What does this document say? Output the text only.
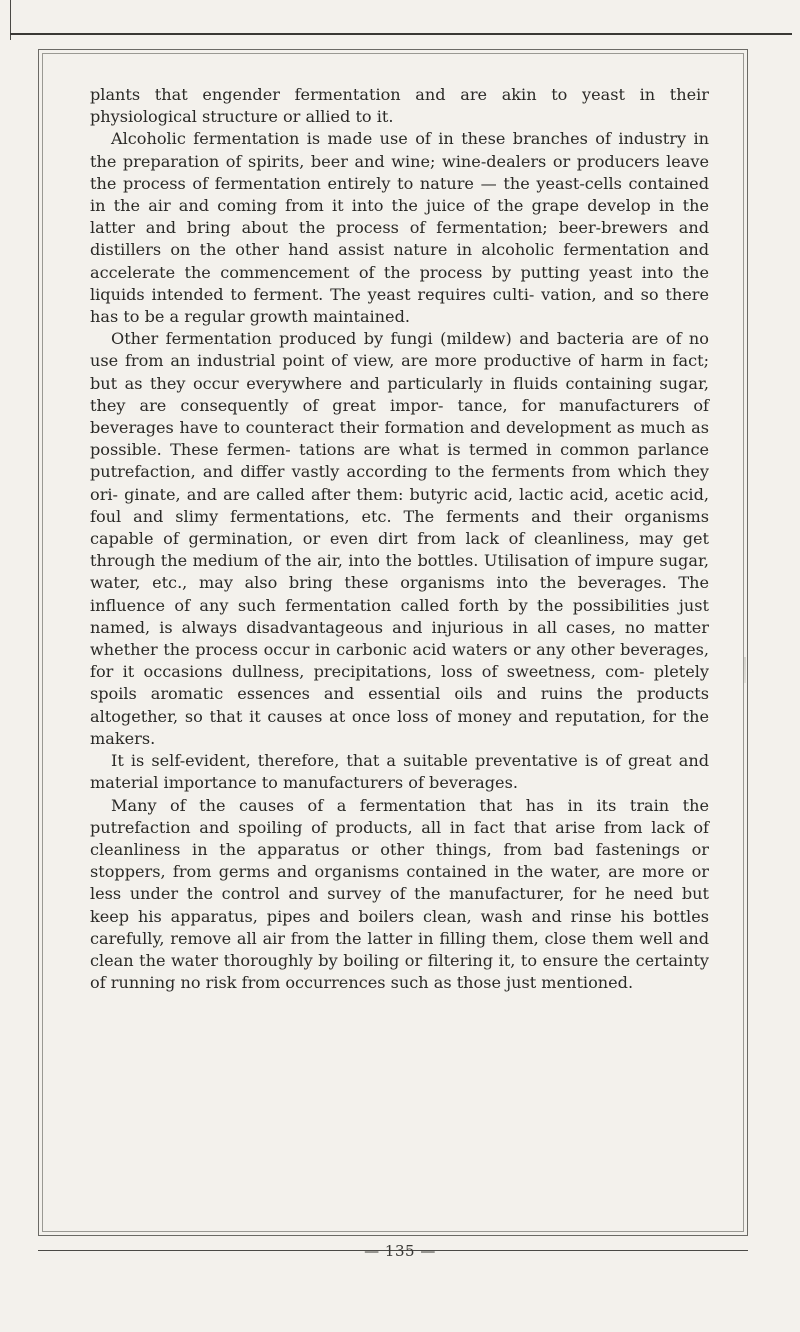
plants that engender fermentation and are akin to yeast in their physiological structure or allied to it.

Alcoholic fermentation is made use of in these branches of industry in the preparation of spirits, beer and wine; wine-dealers or producers leave the process of fermentation entirely to nature — the yeast-cells contained in the air and coming from it into the juice of the grape develop in the latter and bring about the process of fermentation; beer-brewers and distillers on the other hand assist nature in alcoholic fermentation and accelerate the commencement of the process by putting yeast into the liquids intended to ferment. The yeast requires culti- vation, and so there has to be a regular growth maintained.

Other fermentation produced by fungi (mildew) and bacteria are of no use from an industrial point of view, are more productive of harm in fact; but as they occur everywhere and particularly in fluids containing sugar, they are consequently of great impor- tance, for manufacturers of beverages have to counteract their formation and development as much as possible. These fermen- tations are what is termed in common parlance putrefaction, and differ vastly according to the ferments from which they ori- ginate, and are called after them: butyric acid, lactic acid, acetic acid, foul and slimy fermentations, etc. The ferments and their organisms capable of germination, or even dirt from lack of cleanliness, may get through the medium of the air, into the bottles. Utilisation of impure sugar, water, etc., may also bring these organisms into the beverages. The influence of any such fermentation called forth by the possibilities just named, is always disadvantageous and injurious in all cases, no matter whether the process occur in carbonic acid waters or any other beverages, for it occasions dullness, precipitations, loss of sweetness, com- pletely spoils aromatic essences and essential oils and ruins the products altogether, so that it causes at once loss of money and reputation, for the makers.

It is self-evident, therefore, that a suitable preventative is of great and material importance to manufacturers of beverages.

Many of the causes of a fermentation that has in its train the putrefaction and spoiling of products, all in fact that arise from lack of cleanliness in the apparatus or other things, from bad fastenings or stoppers, from germs and organisms contained in the water, are more or less under the control and survey of the manufacturer, for he need but keep his apparatus, pipes and boilers clean, wash and rinse his bottles carefully, remove all air from the latter in filling them, close them well and clean the water thoroughly by boiling or filtering it, to ensure the certainty of running no risk from occurrences such as those just mentioned.

— 135 —
